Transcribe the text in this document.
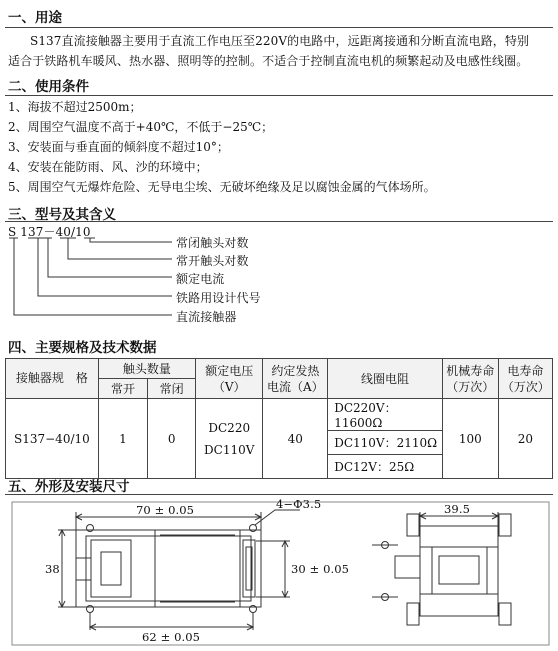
一、用途
S137直流接触器主要用于直流工作电压至220V的电路中，远距离接通和分断直流电路，特别
适合于铁路机车暖风、热水器、照明等的控制。不适合于控制直流电机的频繁起动及电感性线圈。
二、使用条件
1、海拔不超过2500m；
2、周围空气温度不高于+40℃，不低于−25℃；
3、安装面与垂直面的倾斜度不超过10°；
4、安装在能防雨、风、沙的环境中；
5、周围空气无爆炸危险、无导电尘埃、无破坏绝缘及足以腐蚀金属的气体场所。
三、型号及其含义
S 137－40/10
常闭触头对数
常开触头对数
额定电流
铁路用设计代号
直流接触器
四、主要规格及技术数据
接触器规　格	触头数量		额定电压（V）	约定发热电流（A）	线圈电阻	机械寿命（万次）	电寿命（万次）
	常开	常闭					
S137−40/10	1	0	DC220 DC110V	40	DC220V：11600Ω	100	20
					DC110V：2110Ω		
					DC12V：25Ω		
五、外形及安装尺寸
70 ± 0.05	4−Φ3.5
38	30 ± 0.05
62 ± 0.05
39.5
